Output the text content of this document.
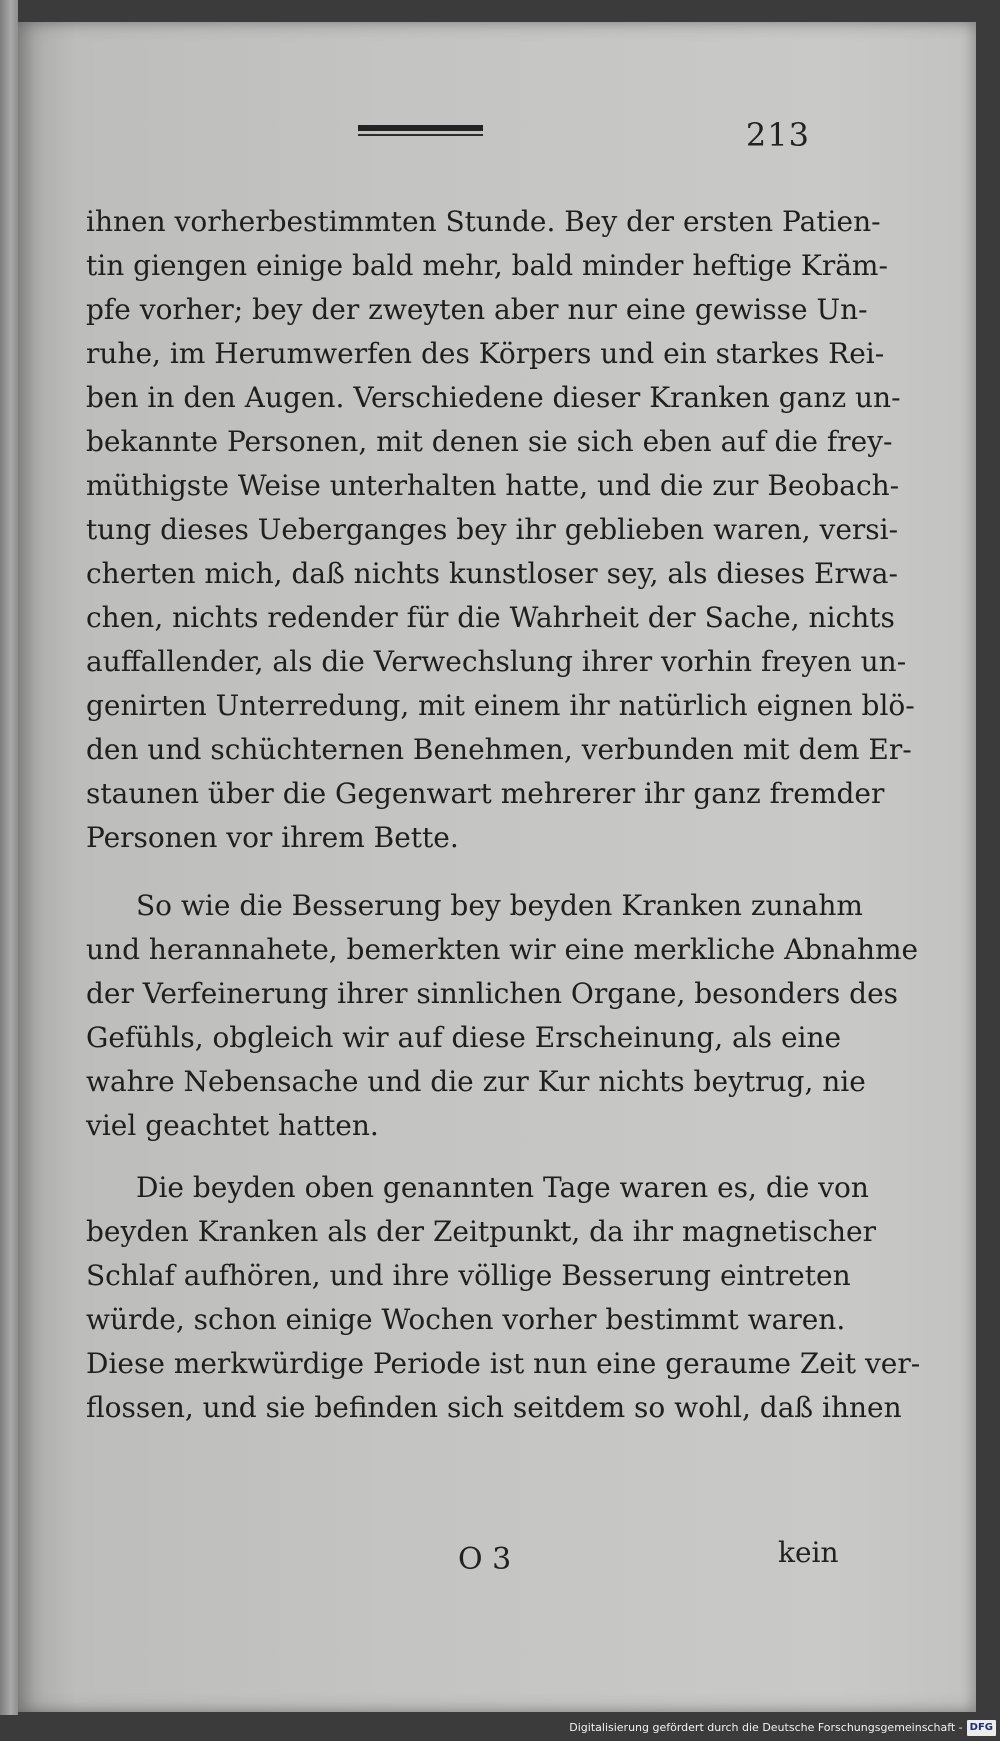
213
ihnen vorherbestimmten Stunde. Bey der ersten Patien-
tin giengen einige bald mehr, bald minder heftige Kräm-
pfe vorher; bey der zweyten aber nur eine gewisse Un-
ruhe, im Herumwerfen des Körpers und ein starkes Rei-
ben in den Augen. Verschiedene dieser Kranken ganz un-
bekannte Personen, mit denen sie sich eben auf die frey-
müthigste Weise unterhalten hatte, und die zur Beobach-
tung dieses Ueberganges bey ihr geblieben waren, versi-
cherten mich, daß nichts kunstloser sey, als dieses Erwa-
chen, nichts redender für die Wahrheit der Sache, nichts
auffallender, als die Verwechslung ihrer vorhin freyen un-
genirten Unterredung, mit einem ihr natürlich eignen blö-
den und schüchternen Benehmen, verbunden mit dem Er-
staunen über die Gegenwart mehrerer ihr ganz fremder
Personen vor ihrem Bette.
So wie die Besserung bey beyden Kranken zunahm
und herannahete, bemerkten wir eine merkliche Abnahme
der Verfeinerung ihrer sinnlichen Organe, besonders des
Gefühls, obgleich wir auf diese Erscheinung, als eine
wahre Nebensache und die zur Kur nichts beytrug, nie
viel geachtet hatten.
Die beyden oben genannten Tage waren es, die von
beyden Kranken als der Zeitpunkt, da ihr magnetischer
Schlaf aufhören, und ihre völlige Besserung eintreten
würde, schon einige Wochen vorher bestimmt waren.
Diese merkwürdige Periode ist nun eine geraume Zeit ver-
flossen, und sie befinden sich seitdem so wohl, daß ihnen
O 3	kein
Digitalisierung gefördert durch die Deutsche Forschungsgemeinschaft - DFG
